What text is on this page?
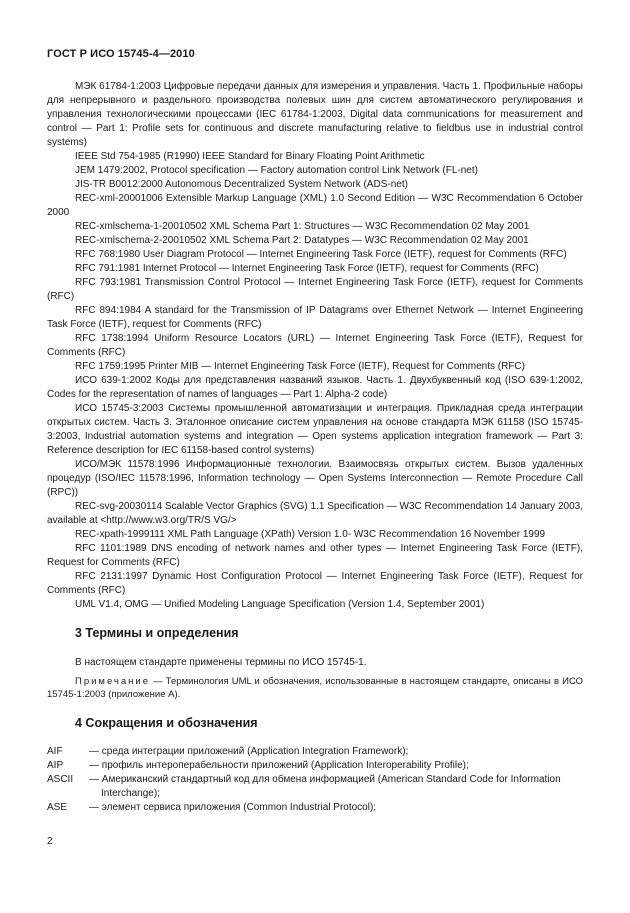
ГОСТ Р ИСО 15745-4—2010

МЭК 61784-1:2003 Цифровые передачи данных для измерения и управления. Часть 1. Профильные наборы для непрерывного и раздельного производства полевых шин для систем автоматического регулирования и управления технологическими процессами (IEC 61784-1:2003, Digital data communications for measurement and control — Part 1: Profile sets for continuous and discrete manufacturing relative to fieldbus use in industrial control systems)

IEEE Std 754-1985 (R1990) IEEE Standard for Binary Floating Point Arithmetic

JEM 1479:2002, Protocol specification — Factory automation control Link Network (FL-net)

JIS-TR B0012:2000 Autonomous Decentralized System Network (ADS-net)

REC-xml-20001006 Extensible Markup Language (XML) 1.0 Second Edition — W3C Recommendation 6 October 2000

REC-xmlschema-1-20010502 XML Schema Part 1: Structures — W3C Recommendation 02 May 2001

REC-xmlschema-2-20010502 XML Schema Part 2: Datatypes — W3C Recommendation 02 May 2001

RFC 768:1980 User Diagram Protocol — Internet Engineering Task Force (IETF), request for Comments (RFC)

RFC 791:1981 Internet Protocol — Internet Engineering Task Force (IETF), request for Comments (RFC)

RFC 793:1981 Transmission Control Protocol — Internet Engineering Task Force (IETF), request for Comments (RFC)

RFC 894:1984 A standard for the Transmission of IP Datagrams over Ethernet Network — Internet Engineering Task Force (IETF), request for Comments (RFC)

RFC 1738:1994 Uniform Resource Locators (URL) — Internet Engineering Task Force (IETF), Request for Comments (RFC)

RFC 1759:1995 Printer MIB — Internet Engineering Task Force (IETF), Request for Comments (RFC)

ИСО 639-1:2002 Коды для представления названий языков. Часть 1. Двухбуквенный код (ISO 639-1:2002, Codes for the representation of names of languages — Part 1: Alpha-2 code)

ИСО 15745-3:2003 Системы промышленной автоматизации и интеграция. Прикладная среда интеграции открытых систем. Часть 3. Эталонное описание систем управления на основе стандарта МЭК 61158 (ISO 15745-3:2003, Industrial automation systems and integration — Open systems application integration framework — Part 3: Reference description for IEC 61158-based control systems)

ИСО/МЭК 11578:1996 Информационные технологии. Взаимосвязь открытых систем. Вызов удаленных процедур (ISO/IEC 11578:1996, Information technology — Open Systems Interconnection — Remote Procedure Call (RPC))

REC-svg-20030114 Scalable Vector Graphics (SVG) 1.1 Specification — W3C Recommendation 14 January 2003, available at <http://www.w3.org/TR/S VG/>

REC-xpath-1999111 XML Path Language (XPath) Version 1.0- W3C Recommendation 16 November 1999

RFC 1101:1989 DNS encoding of network names and other types — Internet Engineering Task Force (IETF), Request for Comments (RFC)

RFC 2131:1997 Dynamic Host Configuration Protocol — Internet Engineering Task Force (IETF), Request for Comments (RFC)

UML V1.4, OMG — Unified Modeling Language Specification (Version 1.4, September 2001)

3 Термины и определения

В настоящем стандарте применены термины по ИСО 15745-1.

Примечание — Терминология UML и обозначения, использованные в настоящем стандарте, описаны в ИСО 15745-1:2003 (приложение А).

4 Сокращения и обозначения
AIF	— среда интеграции приложений (Application Integration Framework);
AIP	— профиль интероперабельности приложений (Application Interoperability Profile);
ASCII	— Американский стандартный код для обмена информацией (American Standard Code for Information Interchange);
ASE	— элемент сервиса приложения (Common Industrial Protocol);
2
